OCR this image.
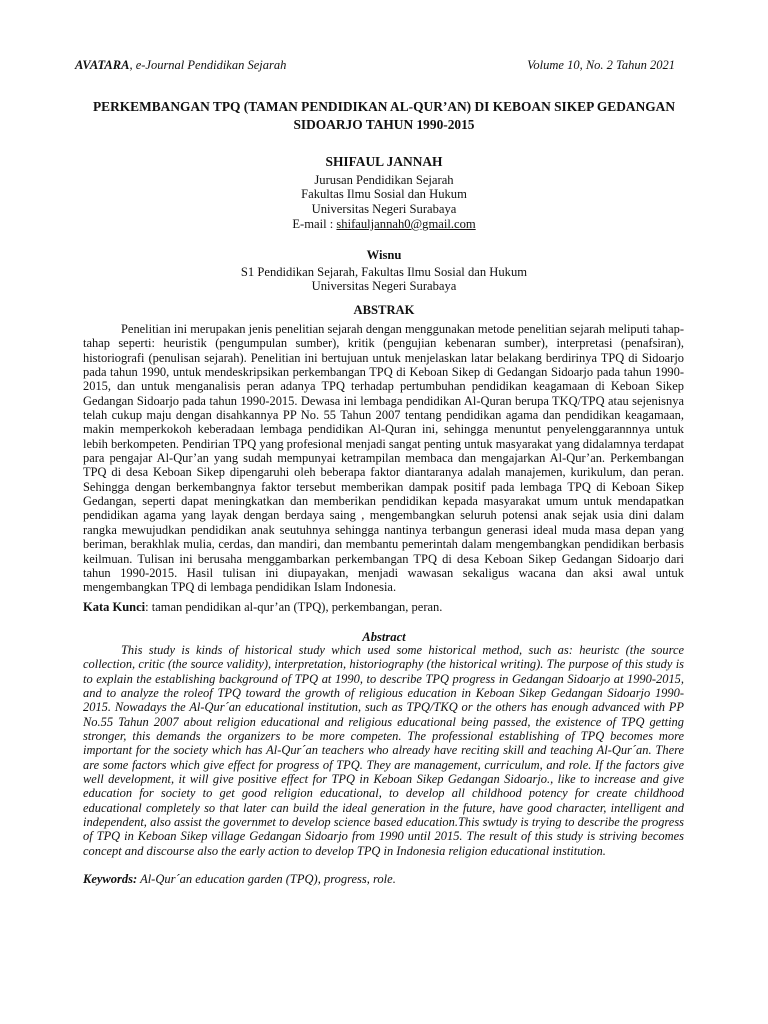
AVATARA, e-Journal Pendidikan Sejarah	Volume 10, No. 2 Tahun 2021
PERKEMBANGAN TPQ (TAMAN PENDIDIKAN AL-QUR’AN) DI KEBOAN SIKEP GEDANGAN SIDOARJO TAHUN 1990-2015
SHIFAUL JANNAH
Jurusan Pendidikan Sejarah
Fakultas Ilmu Sosial dan Hukum
Universitas Negeri Surabaya
E-mail : shifauljannah0@gmail.com
Wisnu
S1 Pendidikan Sejarah, Fakultas Ilmu Sosial dan Hukum
Universitas Negeri Surabaya
ABSTRAK
Penelitian ini merupakan jenis penelitian sejarah dengan menggunakan metode penelitian sejarah meliputi tahap-tahap seperti: heuristik (pengumpulan sumber), kritik (pengujian kebenaran sumber), interpretasi (penafsiran), historiografi (penulisan sejarah). Penelitian ini bertujuan untuk menjelaskan latar belakang berdirinya TPQ di Sidoarjo pada tahun 1990, untuk mendeskripsikan perkembangan TPQ di Keboan Sikep di Gedangan Sidoarjo pada tahun 1990-2015, dan untuk menganalisis peran adanya TPQ terhadap pertumbuhan pendidikan keagamaan di Keboan Sikep Gedangan Sidoarjo pada tahun 1990-2015. Dewasa ini lembaga pendidikan Al-Quran berupa TKQ/TPQ atau sejenisnya telah cukup maju dengan disahkannya PP No. 55 Tahun 2007 tentang pendidikan agama dan pendidikan keagamaan, makin memperkokoh keberadaan lembaga pendidikan Al-Quran ini, sehingga menuntut penyelenggarannnya untuk lebih berkompeten. Pendirian TPQ yang profesional menjadi sangat penting untuk masyarakat yang didalamnya terdapat para pengajar Al-Qur’an yang sudah mempunyai ketrampilan membaca dan mengajarkan Al-Qur’an. Perkembangan TPQ di desa Keboan Sikep dipengaruhi oleh beberapa faktor diantaranya adalah manajemen, kurikulum, dan peran. Sehingga dengan berkembangnya faktor tersebut memberikan dampak positif pada lembaga TPQ di Keboan Sikep Gedangan, seperti dapat meningkatkan dan memberikan pendidikan kepada masyarakat umum untuk mendapatkan pendidikan agama yang layak dengan berdaya saing , mengembangkan seluruh potensi anak sejak usia dini dalam rangka mewujudkan pendidikan anak seutuhnya sehingga nantinya terbangun generasi ideal muda masa depan yang beriman, berakhlak mulia, cerdas, dan mandiri, dan membantu pemerintah dalam mengembangkan pendidikan berbasis keilmuan. Tulisan ini berusaha menggambarkan perkembangan TPQ di desa Keboan Sikep Gedangan Sidoarjo dari tahun 1990-2015. Hasil tulisan ini diupayakan, menjadi wawasan sekaligus wacana dan aksi awal untuk mengembangkan TPQ di lembaga pendidikan Islam Indonesia.
Kata Kunci: taman pendidikan al-qur’an (TPQ), perkembangan, peran.
Abstract
This study is kinds of historical study which used some historical method, such as: heuristc (the source collection, critic (the source validity), interpretation, historiography (the historical writing). The purpose of this study is to explain the establishing background of TPQ at 1990, to describe TPQ progress in Gedangan Sidoarjo at 1990-2015, and to analyze the roleof TPQ toward the growth of religious education in Keboan Sikep Gedangan Sidoarjo 1990-2015. Nowadays the Al-Qur´an educational institution, such as TPQ/TKQ or the others has enough advanced with PP No.55 Tahun 2007 about religion educational and religious educational being passed, the existence of TPQ getting stronger, this demands the organizers to be more competen. The professional establishing of TPQ becomes more important for the society which has Al-Qur´an teachers who already have reciting skill and teaching Al-Qur´an. There are some factors which give effect for progress of TPQ. They are management, curriculum, and role. If the factors give well development, it will give positive effect for TPQ in Keboan Sikep Gedangan Sidoarjo., like to increase and give education for society to get good religion educational, to develop all childhood potency for create childhood educational completely so that later can build the ideal generation in the future, have good character, intelligent and independent, also assist the governmet to develop science based education.This swtudy is trying to describe the progress of TPQ in Keboan Sikep village Gedangan Sidoarjo from 1990 until 2015. The result of this study is striving becomes concept and discourse also the early action to develop TPQ in Indonesia religion educational institution.
Keywords: Al-Qur´an education garden (TPQ), progress, role.
